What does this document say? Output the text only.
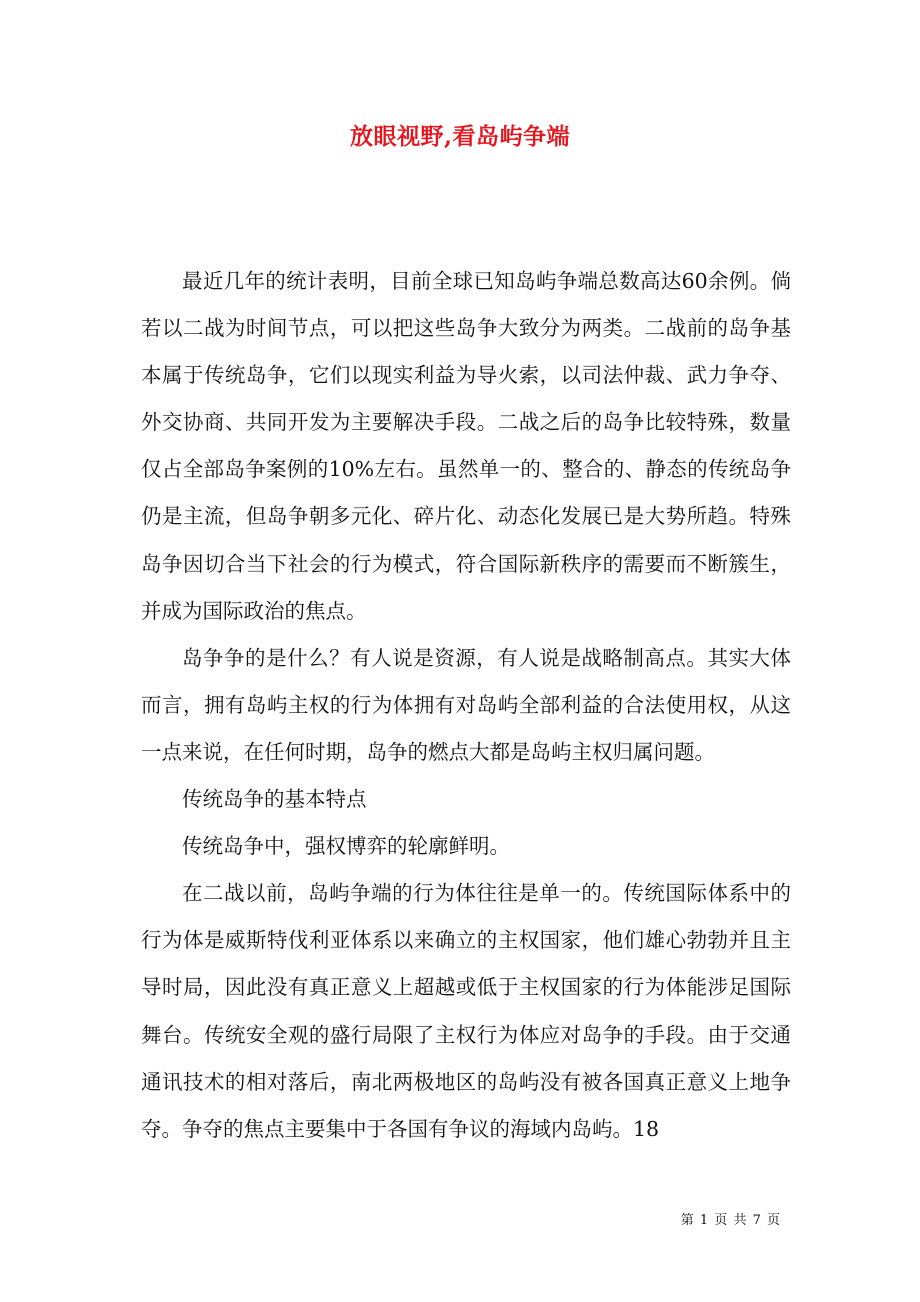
放眼视野,看岛屿争端

最近几年的统计表明，目前全球已知岛屿争端总数高达60余例。倘若以二战为时间节点，可以把这些岛争大致分为两类。二战前的岛争基本属于传统岛争，它们以现实利益为导火索，以司法仲裁、武力争夺、外交协商、共同开发为主要解决手段。二战之后的岛争比较特殊，数量仅占全部岛争案例的10%左右。虽然单一的、整合的、静态的传统岛争仍是主流，但岛争朝多元化、碎片化、动态化发展已是大势所趋。特殊岛争因切合当下社会的行为模式，符合国际新秩序的需要而不断簇生，并成为国际政治的焦点。

岛争争的是什么？有人说是资源，有人说是战略制高点。其实大体而言，拥有岛屿主权的行为体拥有对岛屿全部利益的合法使用权，从这一点来说，在任何时期，岛争的燃点大都是岛屿主权归属问题。

传统岛争的基本特点

传统岛争中，强权博弈的轮廓鲜明。

在二战以前，岛屿争端的行为体往往是单一的。传统国际体系中的行为体是威斯特伐利亚体系以来确立的主权国家，他们雄心勃勃并且主导时局，因此没有真正意义上超越或低于主权国家的行为体能涉足国际舞台。传统安全观的盛行局限了主权行为体应对岛争的手段。由于交通通讯技术的相对落后，南北两极地区的岛屿没有被各国真正意义上地争夺。争夺的焦点主要集中于各国有争议的海域内岛屿。18

第 1 页 共 7 页
